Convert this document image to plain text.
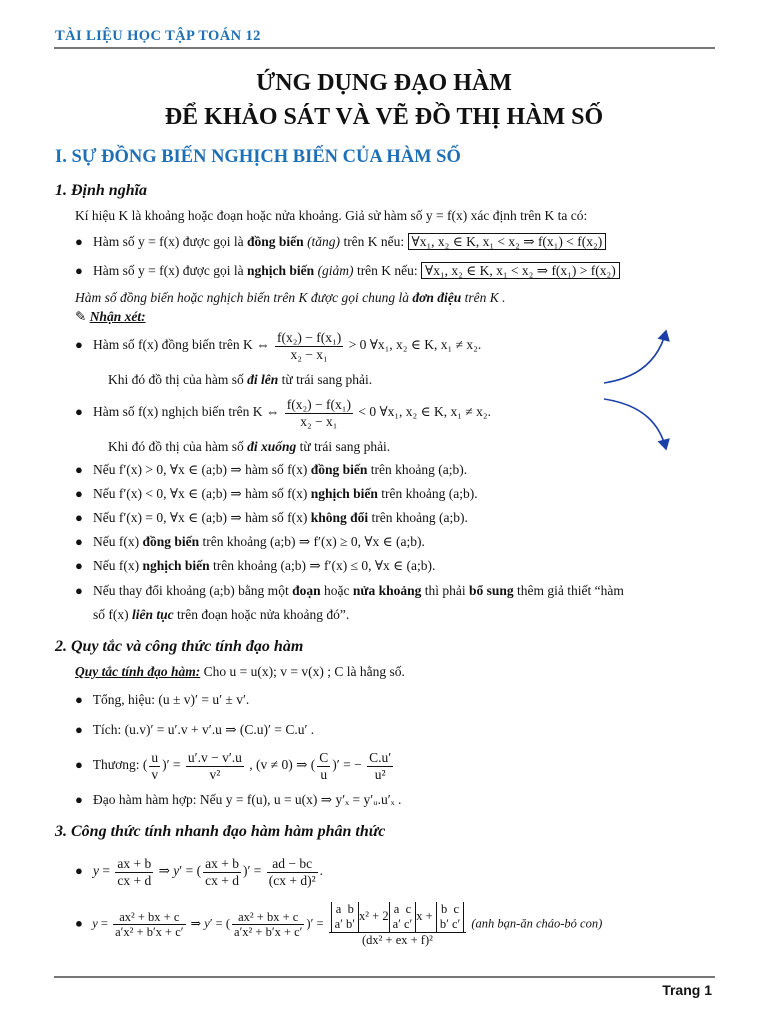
TÀI LIỆU HỌC TẬP TOÁN 12
ỨNG DỤNG ĐẠO HÀM
ĐỂ KHẢO SÁT VÀ VẼ ĐỒ THỊ HÀM SỐ
I. SỰ ĐỒNG BIẾN NGHỊCH BIẾN CỦA HÀM SỐ
1. Định nghĩa
Kí hiệu K là khoảng hoặc đoạn hoặc nửa khoảng. Giả sử hàm số y = f(x) xác định trên K ta có:
● Hàm số y = f(x) được gọi là đồng biến (tăng) trên K nếu: ∀x₁, x₂ ∈ K, x₁ < x₂ ⇒ f(x₁) < f(x₂)
● Hàm số y = f(x) được gọi là nghịch biến (giảm) trên K nếu: ∀x₁, x₂ ∈ K, x₁ < x₂ ⇒ f(x₁) > f(x₂)
Hàm số đồng biến hoặc nghịch biến trên K được gọi chung là đơn điệu trên K .
✎ Nhận xét:
● Hàm số f(x) đồng biến trên K ⇔ $\frac{\text{f(x₂) − f(x₁)}}{\text{x₂ − x₁}} > 0$ ∀x₁, x₂ ∈ K, x₁ ≠ x₂.
Khi đó đồ thị của hàm số đi lên từ trái sang phải.
● Hàm số f(x) nghịch biến trên K ⇔ $\frac{\text{f(x₂) − f(x₁)}}{\text{x₂ − x₁}} < 0$ ∀x₁, x₂ ∈ K, x₁ ≠ x₂.
Khi đó đồ thị của hàm số đi xuống từ trái sang phải.
● Nếu f′(x) > 0, ∀x ∈ (a;b) ⇒ hàm số f(x) đồng biến trên khoảng (a;b).
● Nếu f′(x) < 0, ∀x ∈ (a;b) ⇒ hàm số f(x) nghịch biến trên khoảng (a;b).
● Nếu f′(x) = 0, ∀x ∈ (a;b) ⇒ hàm số f(x) không đổi trên khoảng (a;b).
● Nếu f(x) đồng biến trên khoảng (a;b) ⇒ f′(x) ≥ 0, ∀x ∈ (a;b).
● Nếu f(x) nghịch biến trên khoảng (a;b) ⇒ f′(x) ≤ 0, ∀x ∈ (a;b).
● Nếu thay đổi khoảng (a;b) bằng một đoạn hoặc nửa khoảng thì phải bổ sung thêm giả thiết “hàm
số f(x) liên tục trên đoạn hoặc nửa khoảng đó”.
2. Quy tắc và công thức tính đạo hàm
Quy tắc tính đạo hàm: Cho u = u(x); v = v(x) ; C là hằng số.
● Tổng, hiệu: (u ± v)′ = u′ ± v′.
● Tích: (u.v)′ = u′.v + v′.u ⇒ (C.u)′ = C.u′ .
● Thương: ( $\frac{u}{v}$ )′ = $\frac{u'.v - v'.u}{\text{v²}}$ , (v ≠ 0) ⇒ ( $\frac{C}{u}$ )′ = − $\frac{C.u'}{\text{u²}}$
● Đạo hàm hàm hợp: Nếu y = f(u), u = u(x) ⇒ y′ₓ = y′ᵤ.u′ₓ .
3. Công thức tính nhanh đạo hàm hàm phân thức
● $y = \frac{ax + b}{cx + d}$ ⇒ y′ = ( $\frac{ax + b}{cx + d}$ )′ = $\frac{ad - bc}{\text{(cx + d)²}}$ .
● $y = \frac{\text{ax² + bx + c}}{\text{a′x² + b′x + c′}}$ ⇒ y′ = ( $\frac{\text{ax² + bx + c}}{\text{a′x² + b′x + c′}}$ )′ =
a  b
a′ b′x² + 2 a  c
a′ c′x + b  c
b′ c′
(dx² + ex + f)²
(anh bạn-ăn cháo-bỏ con)
Trang 1
